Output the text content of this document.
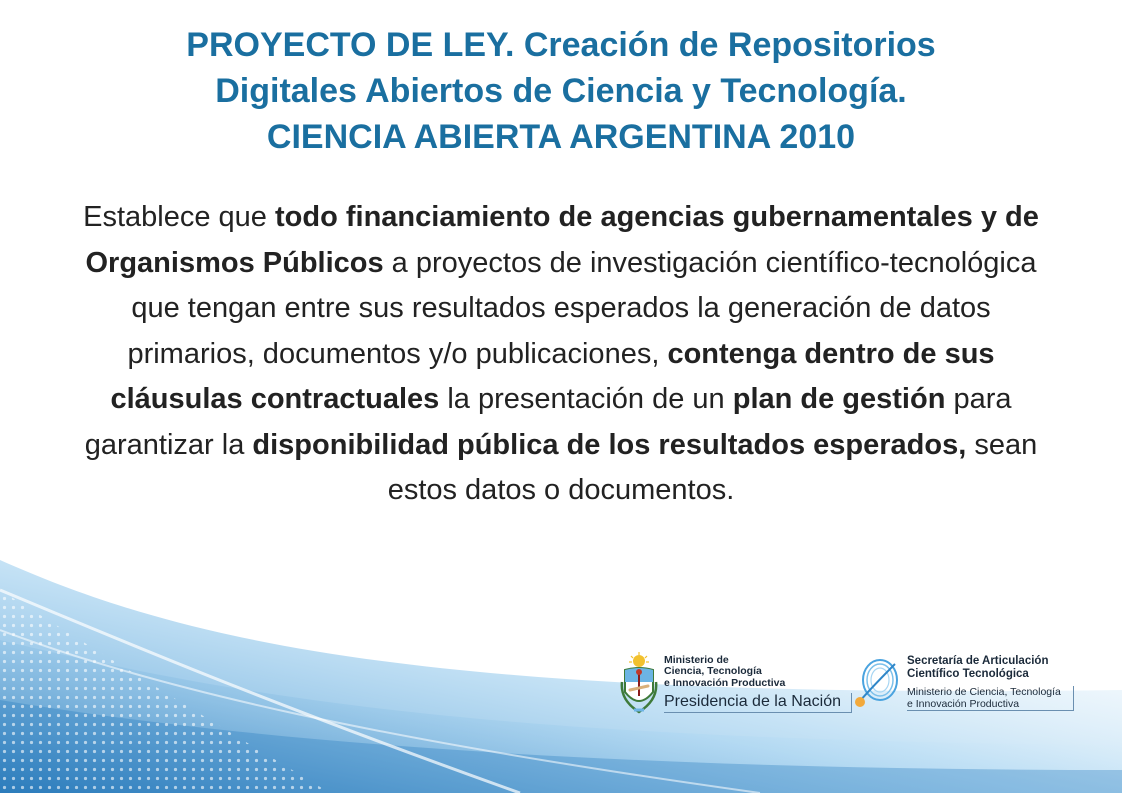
PROYECTO DE LEY. Creación de Repositorios
Digitales Abiertos de Ciencia y Tecnología.
CIENCIA ABIERTA ARGENTINA 2010

Establece que todo financiamiento de agencias gubernamentales y de Organismos Públicos a proyectos de investigación científico-tecnológica que tengan entre sus resultados esperados la generación de datos primarios, documentos y/o publicaciones, contenga dentro de sus cláusulas contractuales la presentación de un plan de gestión para garantizar la disponibilidad pública de los resultados esperados, sean estos datos o documentos.

Ministerio de
Ciencia, Tecnología
e Innovación Productiva
Presidencia de la Nación
Secretaría de Articulación
Científico Tecnológica
Ministerio de Ciencia, Tecnología
e Innovación Productiva
